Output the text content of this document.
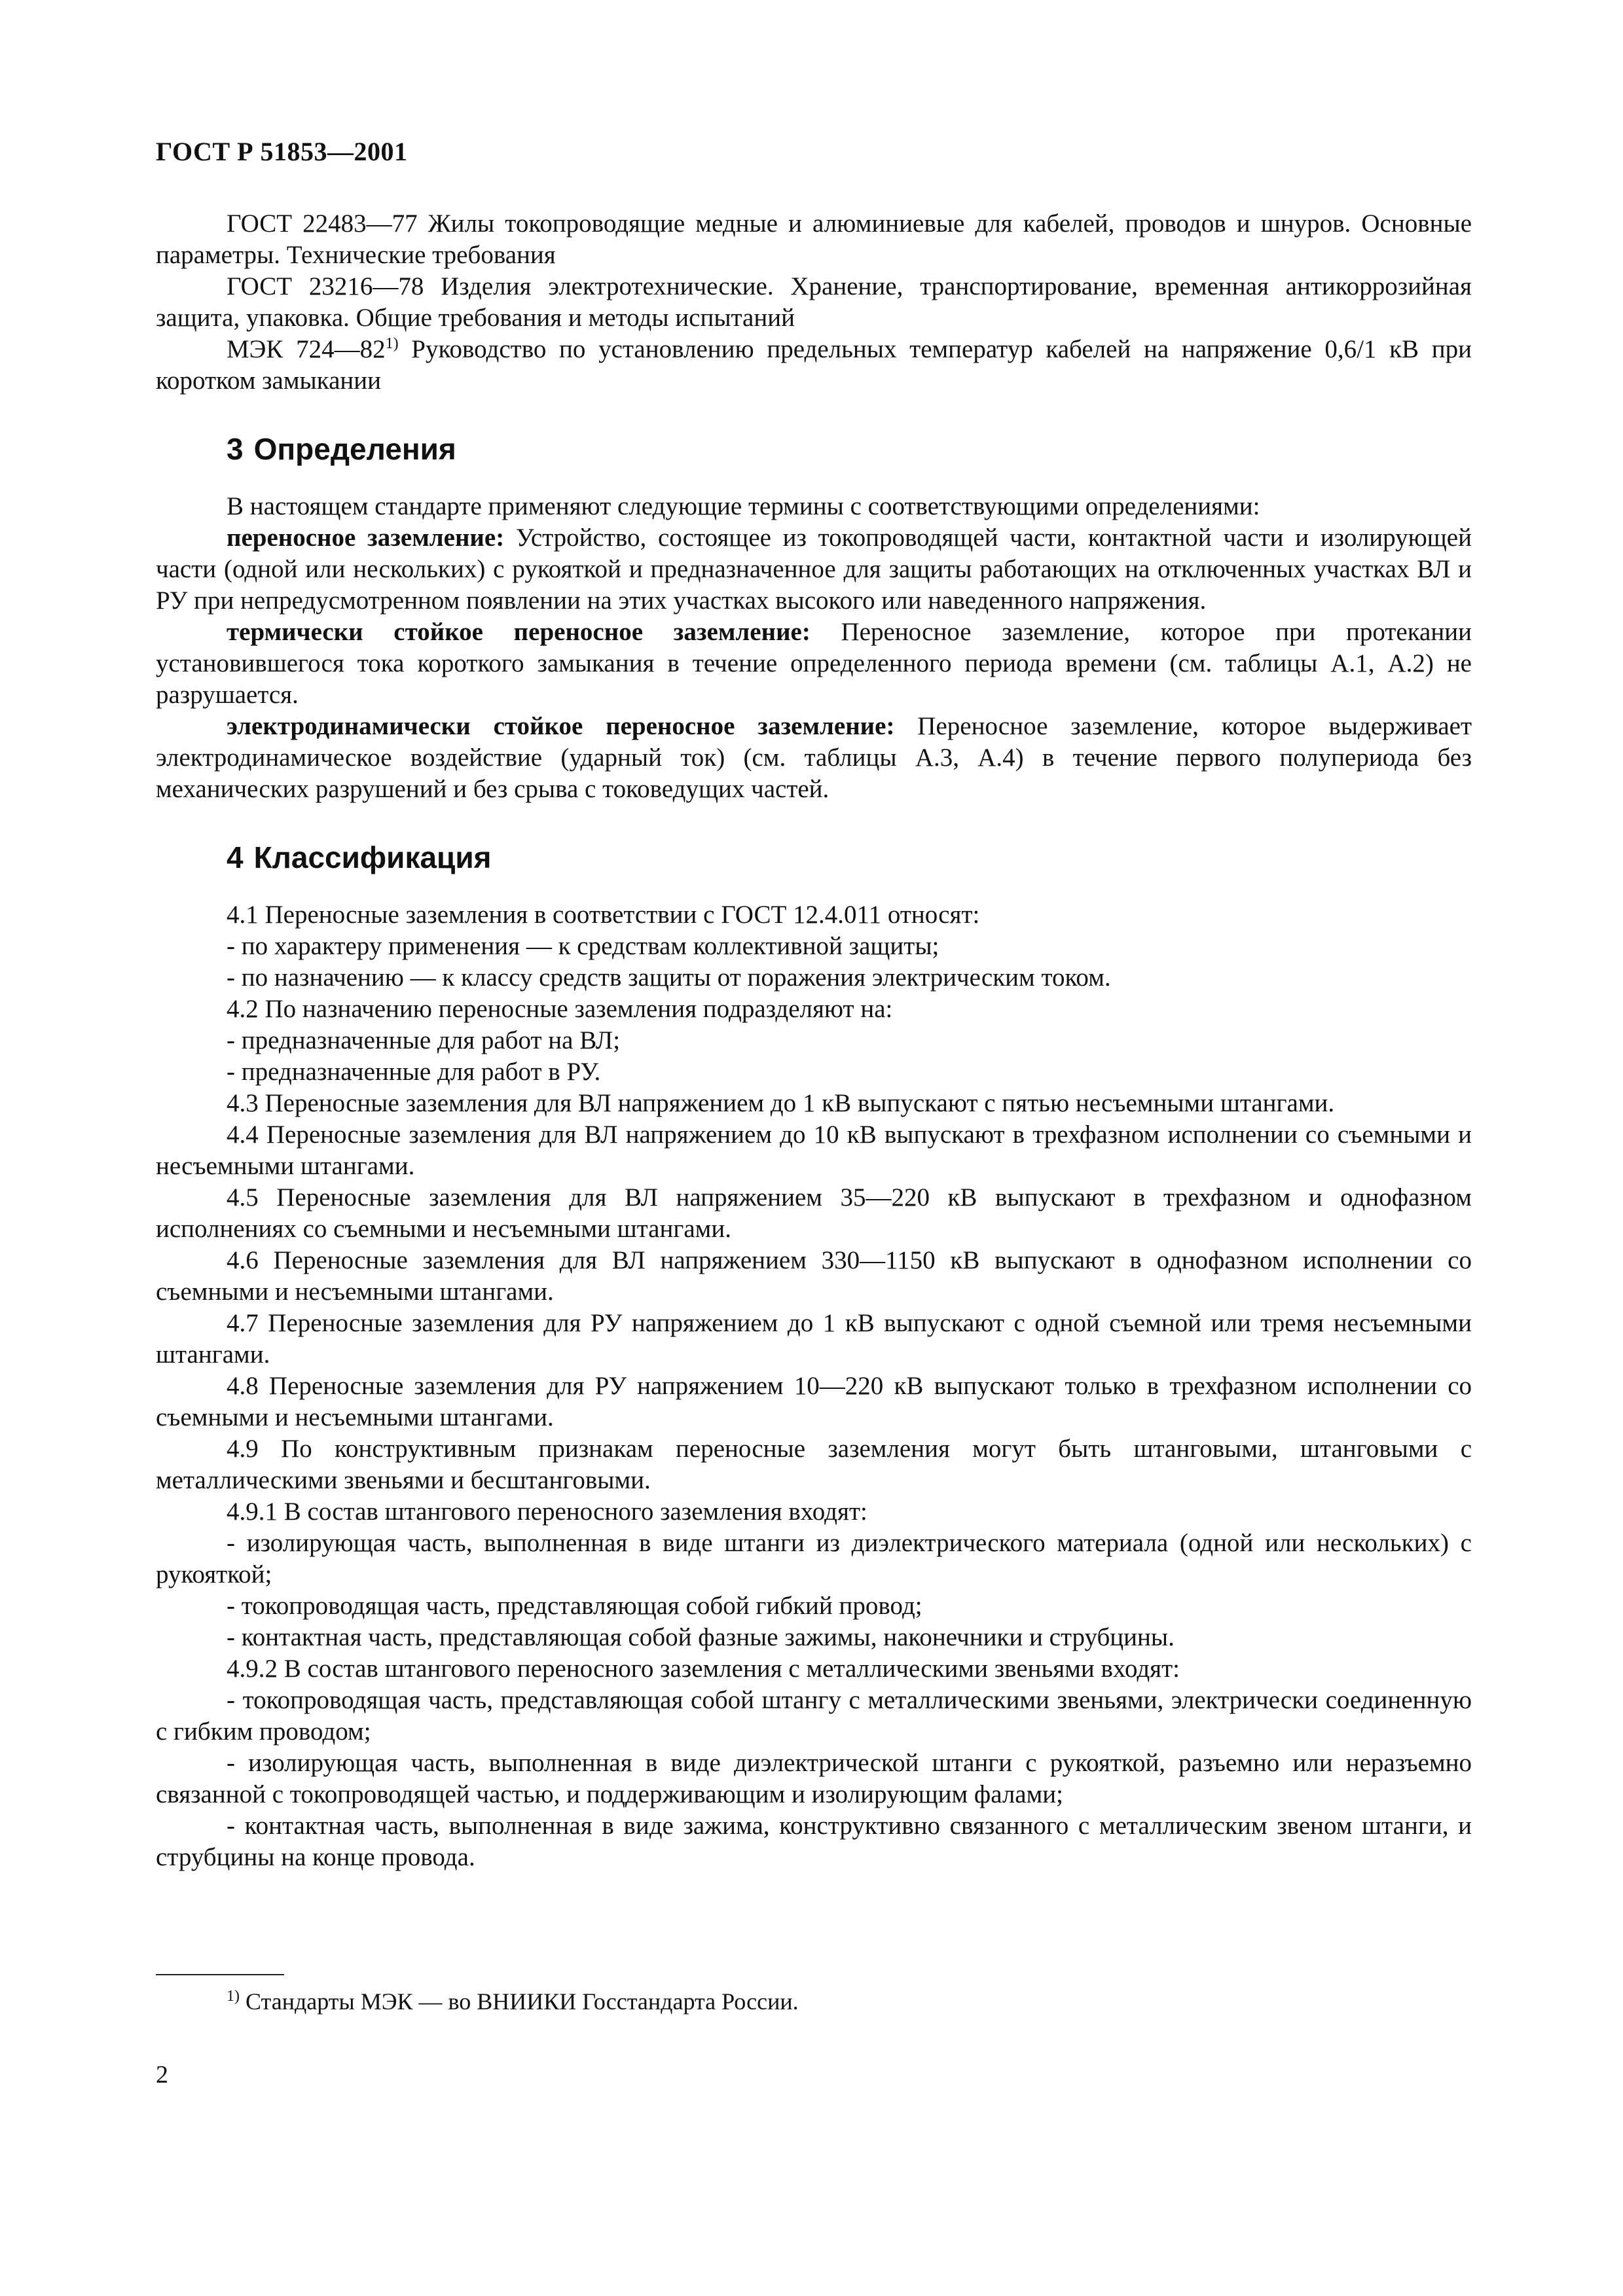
ГОСТ Р 51853—2001

ГОСТ 22483—77 Жилы токопроводящие медные и алюминиевые для кабелей, проводов и шнуров. Основные параметры. Технические требования

ГОСТ 23216—78 Изделия электротехнические. Хранение, транспортирование, временная антикоррозийная защита, упаковка. Общие требования и методы испытаний

МЭК 724—82$^{1)}$ Руководство по установлению предельных температур кабелей на напряжение 0,6/1 кВ при коротком замыкании

3 Определения

В настоящем стандарте применяют следующие термины с соответствующими определениями:

переносное заземление: Устройство, состоящее из токопроводящей части, контактной части и изолирующей части (одной или нескольких) с рукояткой и предназначенное для защиты работающих на отключенных участках ВЛ и РУ при непредусмотренном появлении на этих участках высокого или наведенного напряжения.

термически стойкое переносное заземление: Переносное заземление, которое при протекании установившегося тока короткого замыкания в течение определенного периода времени (см. таблицы А.1, А.2) не разрушается.

электродинамически стойкое переносное заземление: Переносное заземление, которое выдерживает электродинамическое воздействие (ударный ток) (см. таблицы А.3, А.4) в течение первого полупериода без механических разрушений и без срыва с токоведущих частей.

4 Классификация

4.1 Переносные заземления в соответствии с ГОСТ 12.4.011 относят:

- по характеру применения — к средствам коллективной защиты;

- по назначению — к классу средств защиты от поражения электрическим током.

4.2 По назначению переносные заземления подразделяют на:

- предназначенные для работ на ВЛ;

- предназначенные для работ в РУ.

4.3 Переносные заземления для ВЛ напряжением до 1 кВ выпускают с пятью несъемными штангами.

4.4 Переносные заземления для ВЛ напряжением до 10 кВ выпускают в трехфазном исполнении со съемными и несъемными штангами.

4.5 Переносные заземления для ВЛ напряжением 35—220 кВ выпускают в трехфазном и однофазном исполнениях со съемными и несъемными штангами.

4.6 Переносные заземления для ВЛ напряжением 330—1150 кВ выпускают в однофазном исполнении со съемными и несъемными штангами.

4.7 Переносные заземления для РУ напряжением до 1 кВ выпускают с одной съемной или тремя несъемными штангами.

4.8 Переносные заземления для РУ напряжением 10—220 кВ выпускают только в трехфазном исполнении со съемными и несъемными штангами.

4.9 По конструктивным признакам переносные заземления могут быть штанговыми, штанговыми с металлическими звеньями и бесштанговыми.

4.9.1 В состав штангового переносного заземления входят:

- изолирующая часть, выполненная в виде штанги из диэлектрического материала (одной или нескольких) с рукояткой;

- токопроводящая часть, представляющая собой гибкий провод;

- контактная часть, представляющая собой фазные зажимы, наконечники и струбцины.

4.9.2 В состав штангового переносного заземления с металлическими звеньями входят:

- токопроводящая часть, представляющая собой штангу с металлическими звеньями, электрически соединенную с гибким проводом;

- изолирующая часть, выполненная в виде диэлектрической штанги с рукояткой, разъемно или неразъемно связанной с токопроводящей частью, и поддерживающим и изолирующим фалами;

- контактная часть, выполненная в виде зажима, конструктивно связанного с металлическим звеном штанги, и струбцины на конце провода.

$^{1)}$ Стандарты МЭК — во ВНИИКИ Госстандарта России.
2
